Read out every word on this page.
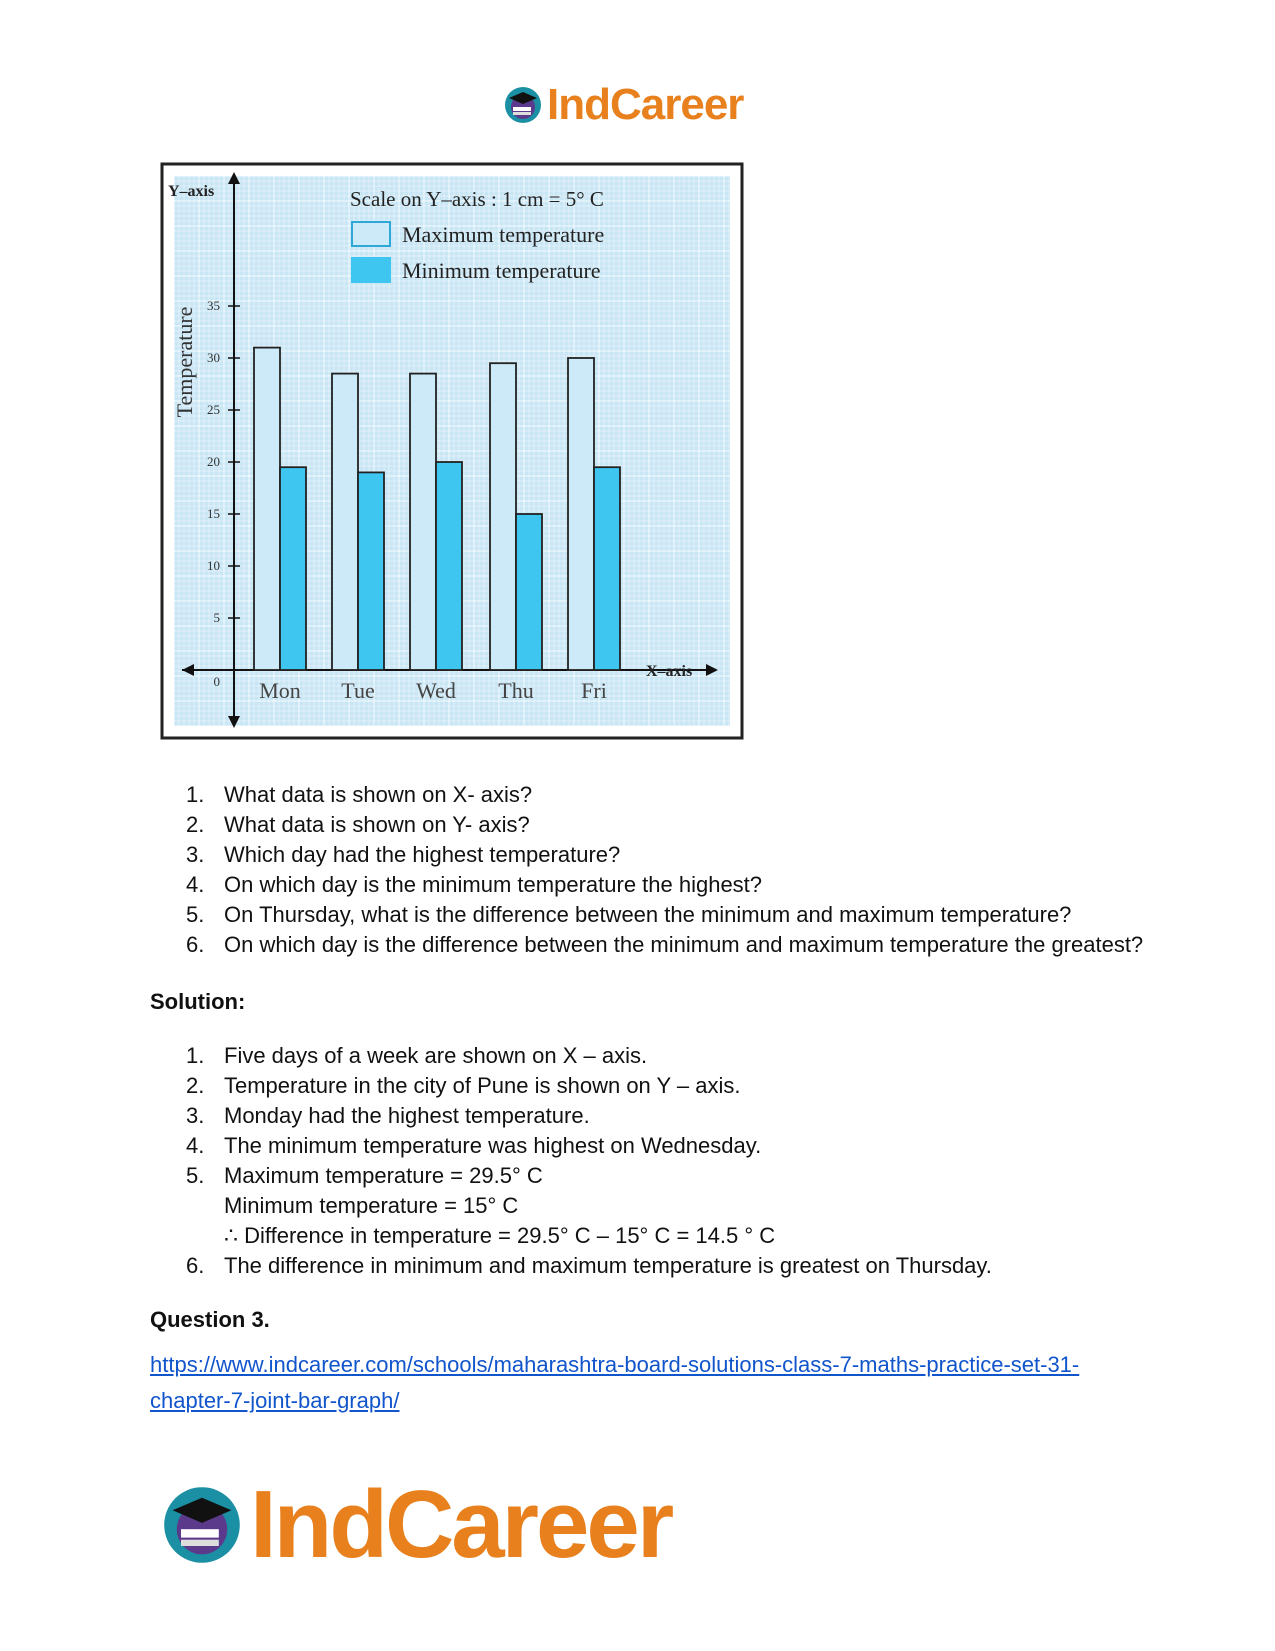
IndCareer
0
5
10
15
20
25
30
35
Y–axis
X–axis
Temperature
Scale on Y–axis : 1 cm = 5° C
Maximum temperature
Minimum temperature
Mon Tue Wed Thu Fri
1. What data is shown on X- axis?
2. What data is shown on Y- axis?
3. Which day had the highest temperature?
4. On which day is the minimum temperature the highest?
5. On Thursday, what is the difference between the minimum and maximum temperature?
6. On which day is the difference between the minimum and maximum temperature the greatest?

Solution:

1. Five days of a week are shown on X – axis.
2. Temperature in the city of Pune is shown on Y – axis.
3. Monday had the highest temperature.
4. The minimum temperature was highest on Wednesday.
5. Maximum temperature = 29.5° C
Minimum temperature = 15° C
∴ Difference in temperature = 29.5° C – 15° C = 14.5 ° C
6. The difference in minimum and maximum temperature is greatest on Thursday.

Question 3.

https://www.indcareer.com/schools/maharashtra-board-solutions-class-7-maths-practice-set-31-chapter-7-joint-bar-graph/
IndCareer
